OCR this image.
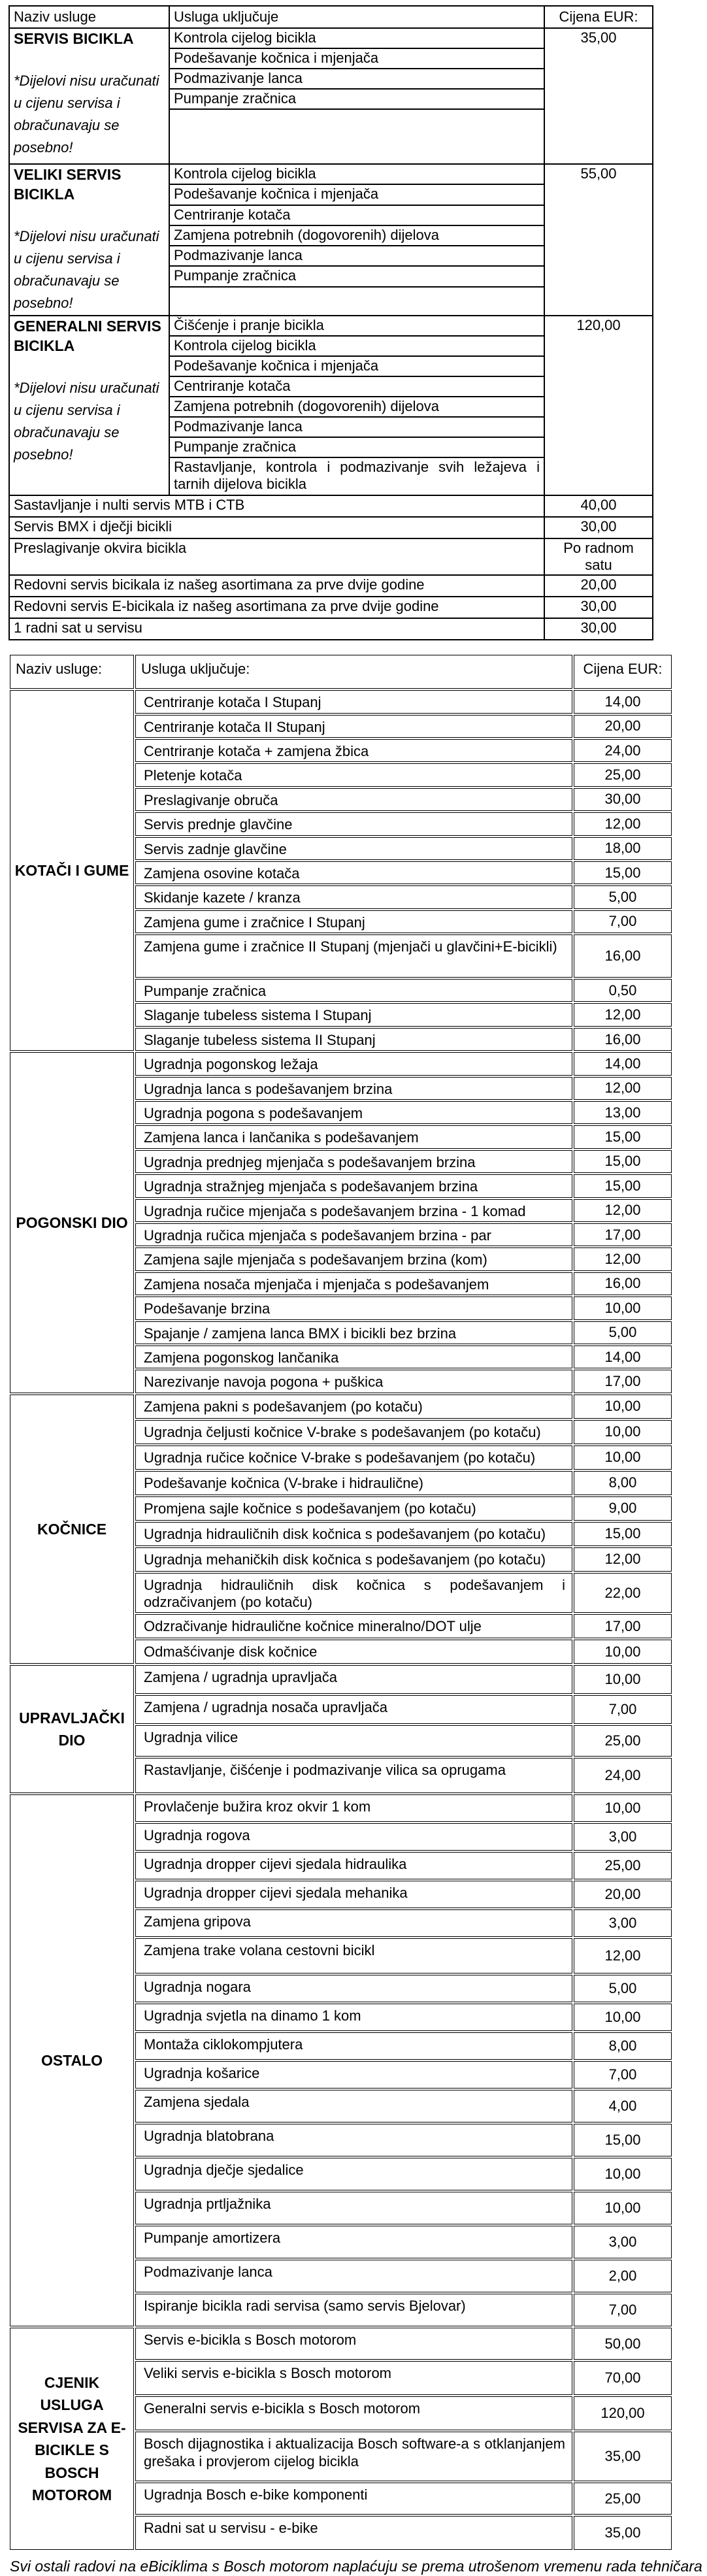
Naziv usluge	Usluga uključuje	Cijena EUR:

SERVIS BICIKLA
*Dijelovi nisu uračunati u cijenu servisa i obračunavaju se posebno!	Kontrola cijelog bicikla	35,00
	Podešavanje kočnica i mjenjača	
	Podmazivanje lanca	
	Pumpanje zračnica	

VELIKI SERVIS BICIKLA
*Dijelovi nisu uračunati u cijenu servisa i obračunavaju se posebno!	Kontrola cijelog bicikla	55,00
	Podešavanje kočnica i mjenjača	
	Centriranje kotača	
	Zamjena potrebnih (dogovorenih) dijelova	
	Podmazivanje lanca	
	Pumpanje zračnica	

GENERALNI SERVIS BICIKLA
*Dijelovi nisu uračunati u cijenu servisa i obračunavaju se posebno!	Čišćenje i pranje bicikla	120,00
	Kontrola cijelog bicikla	
	Podešavanje kočnica i mjenjača	
	Centriranje kotača	
	Zamjena potrebnih (dogovorenih) dijelova	
	Podmazivanje lanca	
	Pumpanje zračnica	
	Rastavljanje, kontrola i podmazivanje svih ležajeva i tarnih dijelova bicikla	
Sastavljanje i nulti servis MTB i CTB		40,00
Servis BMX i dječji bicikli		30,00
Preslagivanje okvira bicikla		Po radnom satu
Redovni servis bicikala iz našeg asortimana za prve dvije godine		20,00
Redovni servis E-bicikala iz našeg asortimana za prve dvije godine		30,00
1 radni sat u servisu		30,00
Naziv usluge:	Usluga uključuje:	Cijena EUR:
KOTAČI I GUME	Centriranje kotača I Stupanj	14,00
	Centriranje kotača II Stupanj	20,00
	Centriranje kotača + zamjena žbica	24,00
	Pletenje kotača	25,00
	Preslagivanje obruča	30,00
	Servis prednje glavčine	12,00
	Servis zadnje glavčine	18,00
	Zamjena osovine kotača	15,00
	Skidanje kazete / kranza	5,00
	Zamjena gume i zračnice I Stupanj	7,00
	Zamjena gume i zračnice II Stupanj (mjenjači u glavčini+E-bicikli)	16,00
	Pumpanje zračnica	0,50
	Slaganje tubeless sistema I Stupanj	12,00
	Slaganje tubeless sistema II Stupanj	16,00
POGONSKI DIO	Ugradnja pogonskog ležaja	14,00
	Ugradnja lanca s podešavanjem brzina	12,00
	Ugradnja pogona s podešavanjem	13,00
	Zamjena lanca i lančanika s podešavanjem	15,00
	Ugradnja prednjeg mjenjača s podešavanjem brzina	15,00
	Ugradnja stražnjeg mjenjača s podešavanjem brzina	15,00
	Ugradnja ručice mjenjača s podešavanjem brzina - 1 komad	12,00
	Ugradnja ručica mjenjača s podešavanjem brzina - par	17,00
	Zamjena sajle mjenjača s podešavanjem brzina (kom)	12,00
	Zamjena nosača mjenjača i mjenjača s podešavanjem	16,00
	Podešavanje brzina	10,00
	Spajanje / zamjena lanca BMX i bicikli bez brzina	5,00
	Zamjena pogonskog lančanika	14,00
	Narezivanje navoja pogona + puškica	17,00
KOČNICE	Zamjena pakni s podešavanjem (po kotaču)	10,00
	Ugradnja čeljusti kočnice V-brake s podešavanjem (po kotaču)	10,00
	Ugradnja ručice kočnice V-brake s podešavanjem (po kotaču)	10,00
	Podešavanje kočnica (V-brake i hidraulične)	8,00
	Promjena sajle kočnice s podešavanjem (po kotaču)	9,00
	Ugradnja hidrauličnih disk kočnica s podešavanjem (po kotaču)	15,00
	Ugradnja mehaničkih disk kočnica s podešavanjem (po kotaču)	12,00
	Ugradnja hidrauličnih disk kočnica s podešavanjem i odzračivanjem (po kotaču)	22,00
	Odzračivanje hidraulične kočnice mineralno/DOT ulje	17,00
	Odmašćivanje disk kočnice	10,00
UPRAVLJAČKI DIO	Zamjena / ugradnja upravljača	10,00
	Zamjena / ugradnja nosača upravljača	7,00
	Ugradnja vilice	25,00
	Rastavljanje, čišćenje i podmazivanje vilica sa oprugama	24,00
OSTALO	Provlačenje bužira kroz okvir 1 kom	10,00
	Ugradnja rogova	3,00
	Ugradnja dropper cijevi sjedala hidraulika	25,00
	Ugradnja dropper cijevi sjedala mehanika	20,00
	Zamjena gripova	3,00
	Zamjena trake volana cestovni bicikl	12,00
	Ugradnja nogara	5,00
	Ugradnja svjetla na dinamo 1 kom	10,00
	Montaža ciklokompjutera	8,00
	Ugradnja košarice	7,00
	Zamjena sjedala	4,00
	Ugradnja blatobrana	15,00
	Ugradnja dječje sjedalice	10,00
	Ugradnja prtljažnika	10,00
	Pumpanje amortizera	3,00
	Podmazivanje lanca	2,00
	Ispiranje bicikla radi servisa (samo servis Bjelovar)	7,00
CJENIK USLUGA SERVISA ZA E-BICIKLE S BOSCH MOTOROM	Servis e-bicikla s Bosch motorom	50,00
	Veliki servis e-bicikla s Bosch motorom	70,00
	Generalni servis e-bicikla s Bosch motorom	120,00
	Bosch dijagnostika i aktualizacija Bosch software-a s otklanjanjem grešaka i provjerom cijelog bicikla	35,00
	Ugradnja Bosch e-bike komponenti	25,00
	Radni sat u servisu - e-bike	35,00
Svi ostali radovi na eBiciklima s Bosch motorom naplaćuju se prema utrošenom vremenu rada tehničara
